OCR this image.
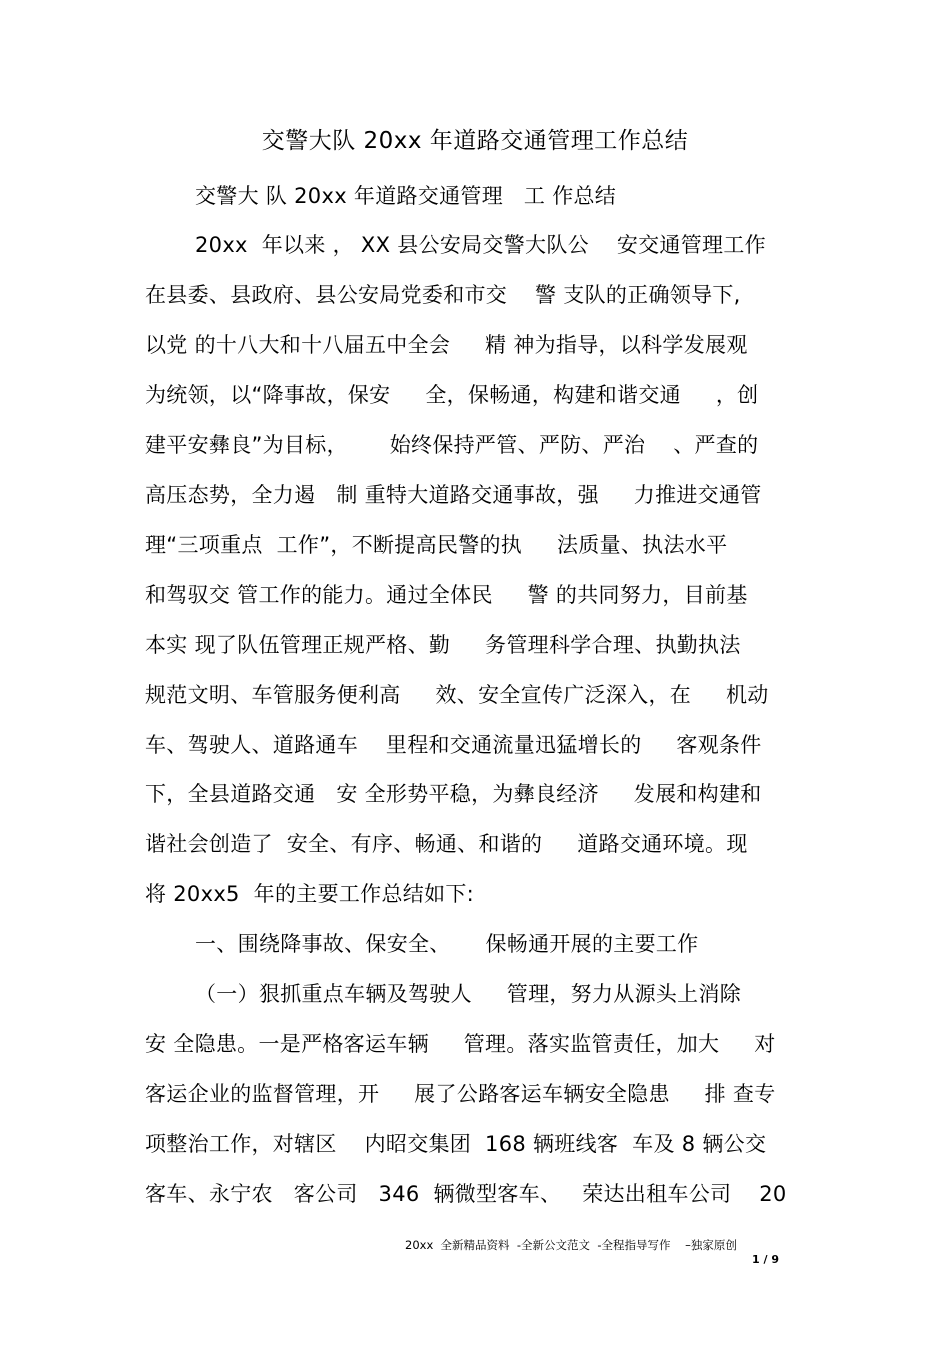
交警大队 20xx 年道路交通管理工作总结
交警大 队 20xx 年道路交通管理   工 作总结
20xx  年以来 ， XX 县公安局交警大队公    安交通管理工作
在县委、县政府、县公安局党委和市交    警 支队的正确领导下,
以党 的十八大和十八届五中全会     精 神为指导，以科学发展观
为统领，以“降事故，保安     全，保畅通，构建和谐交通     ，创
建平安彝良”为目标，      始终保持严管、严防、严治    、严查的
高压态势，全力遏   制 重特大道路交通事故，强     力推进交通管
理“三项重点  工作”，不断提高民警的执     法质量、执法水平
和驾驭交 管工作的能力。通过全体民     警 的共同努力，目前基
本实 现了队伍管理正规严格、勤     务管理科学合理、执勤执法
规范文明、车管服务便利高     效、安全宣传广泛深入，在     机动
车、驾驶人、道路通车    里程和交通流量迅猛增长的     客观条件
下，全县道路交通   安 全形势平稳，为彝良经济     发展和构建和
谐社会创造了  安全、有序、畅通、和谐的     道路交通环境。现
将 20xx5  年的主要工作总结如下:
一、围绕降事故、保安全、     保畅通开展的主要工作
（一）狠抓重点车辆及驾驶人     管理，努力从源头上消除
安 全隐患。一是严格客运车辆     管理。落实监管责任，加大     对
客运企业的监督管理，开     展了公路客运车辆安全隐患     排 查专
项整治工作，对辖区    内昭交集团  168 辆班线客  车及 8 辆公交
客车、永宁农   客公司   346  辆微型客车、   荣达出租车公司    20
20xx  全新精品资料  -全新公文范文  -全程指导写作    –独家原创
1 / 9
